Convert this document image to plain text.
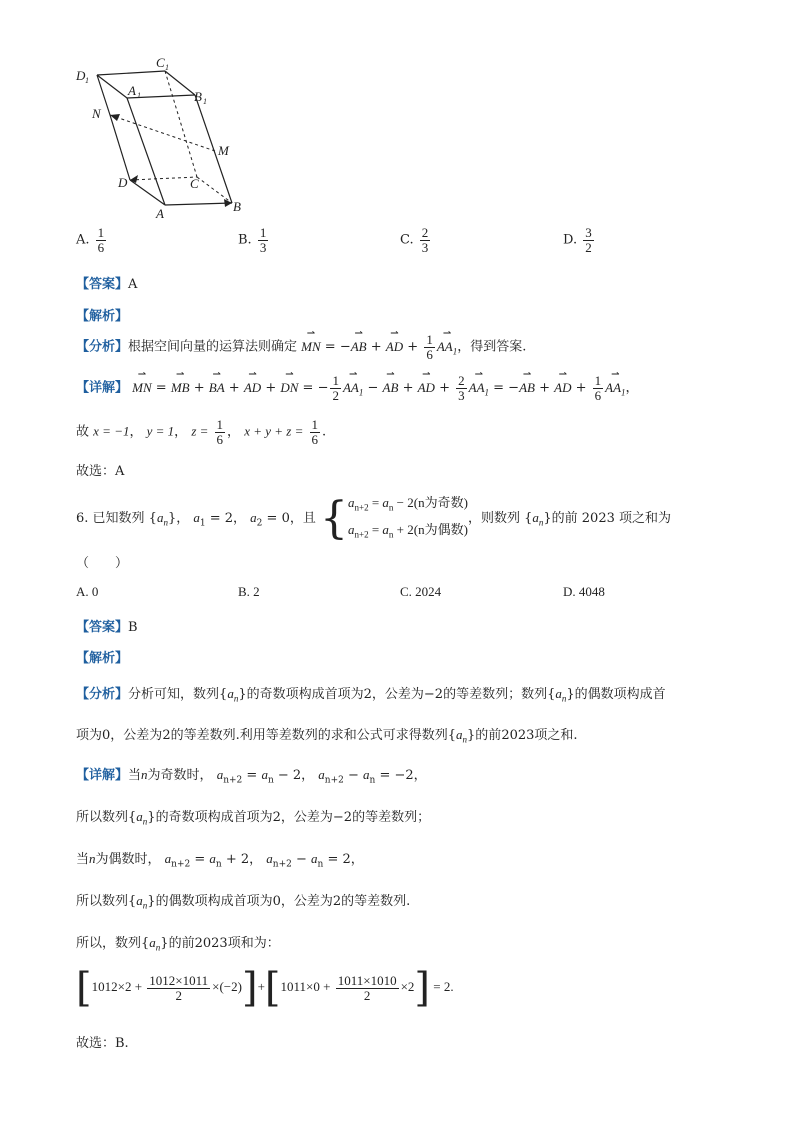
D 1
C 1
B 1
A 1
N
M
D	C
A	B
A. $\frac{1}{6}$	B. $\frac{1}{3}$	C. $\frac{2}{3}$	D. $\frac{3}{2}$
【答案】A
【解析】
【分析】根据空间向量的运算法则确定 ⇀ MN = −⇀ AB + ⇀ AD + $\frac{1}{6}$ ⇀ $AA_1$，得到答案.
【详解】 ⇀ MN = ⇀ MB + ⇀ BA + ⇀ AD + ⇀ DN = − $\frac{1}{2}$ ⇀ $AA_1$ − ⇀ AB + ⇀ AD + $\frac{2}{3}$ ⇀ $AA_1$ = −⇀ AB + ⇀ AD + $\frac{1}{6}$ ⇀ $AA_1$，
故 x = −1， y = 1， $z = \frac{1}{6}$ ， $x + y + z = \frac{1}{6}$ .
故选：A
6. 已知数列 $\{a_n\}$， $a_1 = 2$， $a_2 = 0$，且 { $a_{n+2} = a_n - 2(n$为奇数)
$a_{n+2} = a_n + 2(n$为偶数)
，则数列 $\{a_n\}$的前 2023 项之和为
（　　）
A. 0	B. 2	C. 2024	D. 4048
【答案】B
【解析】
【分析】分析可知，数列$\{a_n\}$的奇数项构成首项为2，公差为−2的等差数列；数列$\{a_n\}$的偶数项构成首
项为0，公差为2的等差数列.利用等差数列的求和公式可求得数列$\{a_n\}$的前2023项之和.
【详解】当n为奇数时， $a_{n+2} = a_n - 2$， $a_{n+2} - a_n = -2$，
所以数列$\{a_n\}$的奇数项构成首项为2，公差为−2的等差数列；
当n为偶数时， $a_{n+2} = a_n + 2$， $a_{n+2} - a_n = 2$，
所以数列$\{a_n\}$的偶数项构成首项为0，公差为2的等差数列.
所以，数列$\{a_n\}$的前2023项和为：
$[1012\times 2 + \frac{1012\times 1011}{2} \times(-2)]+[1011\times 0 + \frac{1011\times 1010}{2} \times 2] = 2$.
故选：B.
